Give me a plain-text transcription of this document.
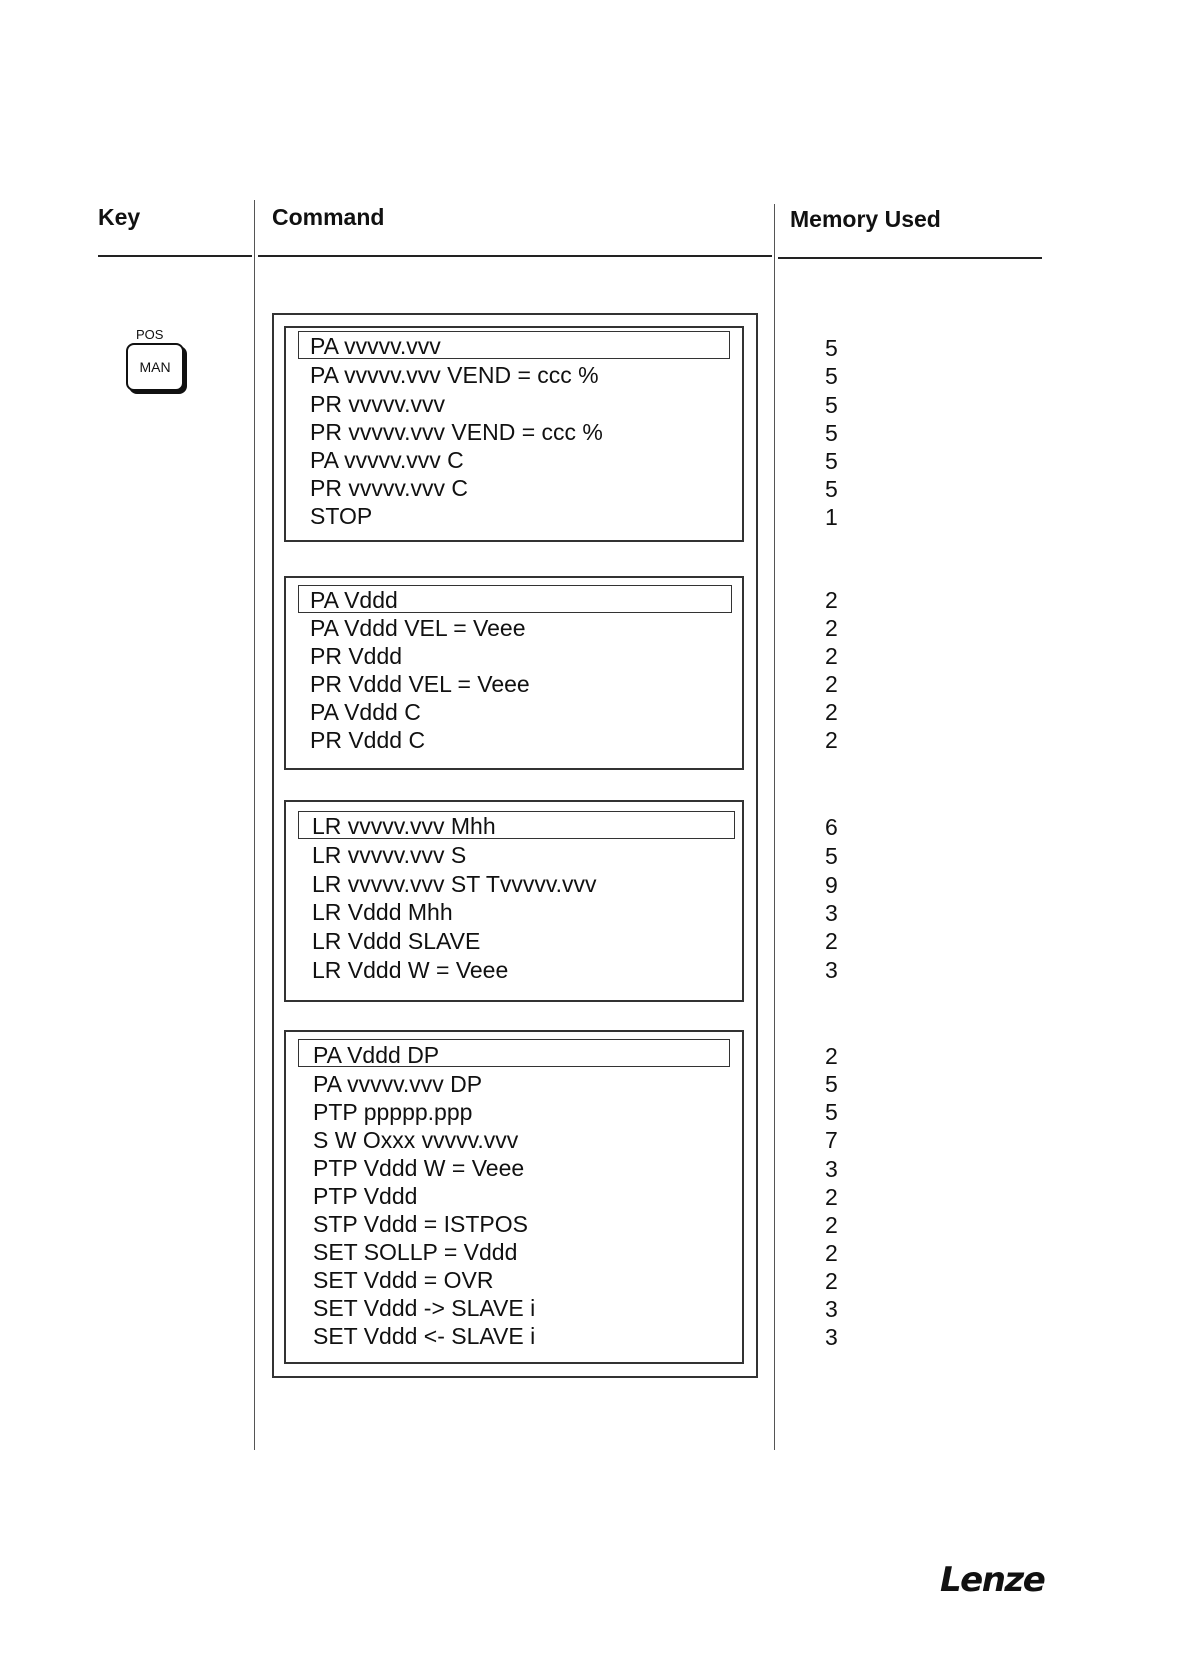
Key	Command	Memory Used
POS
MAN
PA vvvvv.vvv	5
PA vvvvv.vvv VEND = ccc %	5
PR vvvvv.vvv	5
PR vvvvv.vvv VEND = ccc %	5
PA vvvvv.vvv C	5
PR vvvvv.vvv C	5
STOP	1
PA Vddd	2
PA Vddd VEL = Veee	2
PR Vddd	2
PR Vddd VEL = Veee	2
PA Vddd C	2
PR Vddd C	2
LR vvvvv.vvv Mhh	6
LR vvvvv.vvv S	5
LR vvvvv.vvv ST Tvvvvv.vvv	9
LR Vddd Mhh	3
LR Vddd SLAVE	2
LR Vddd W = Veee	3
PA Vddd DP	2
PA vvvvv.vvv DP	5
PTP ppppp.ppp	5
S W Oxxx vvvvv.vvv	7
PTP Vddd W = Veee	3
PTP Vddd	2
STP Vddd = ISTPOS	2
SET SOLLP = Vddd	2
SET Vddd = OVR	2
SET Vddd -> SLAVE i	3
SET Vddd <- SLAVE i	3
Lenze
